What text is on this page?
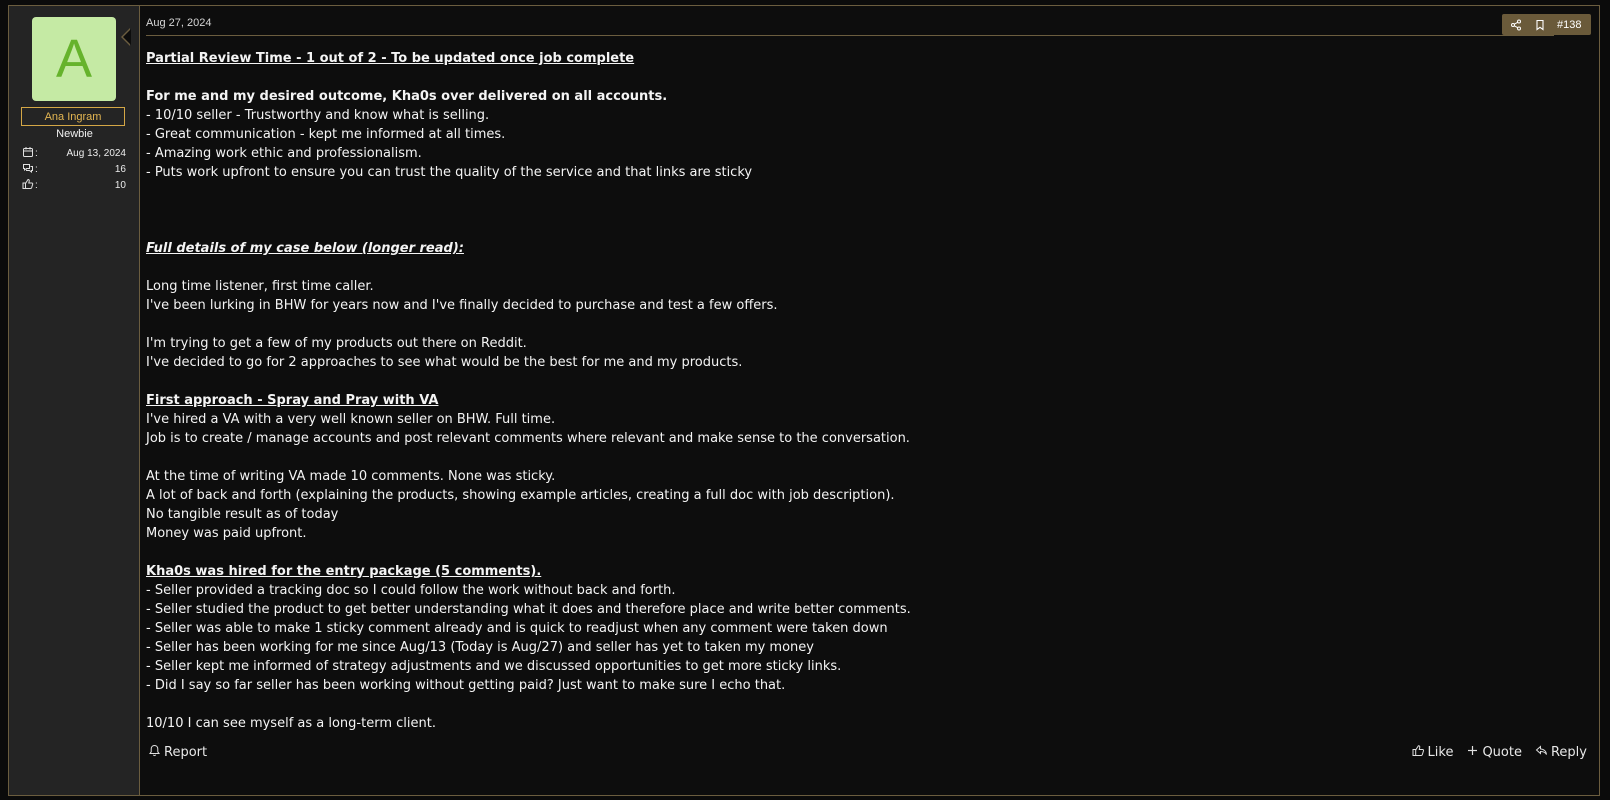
A
Ana Ingram
Newbie
:	Aug 13, 2024
:	16
:	10
Aug 27, 2024	#138
Partial Review Time - 1 out of 2 - To be updated once job complete
For me and my desired outcome, Kha0s over delivered on all accounts.
- 10/10 seller - Trustworthy and know what is selling.
- Great communication - kept me informed at all times.
- Amazing work ethic and professionalism.
- Puts work upfront to ensure you can trust the quality of the service and that links are sticky
Full details of my case below (longer read):
Long time listener, first time caller.
I've been lurking in BHW for years now and I've finally decided to purchase and test a few offers.
I'm trying to get a few of my products out there on Reddit.
I've decided to go for 2 approaches to see what would be the best for me and my products.
First approach - Spray and Pray with VA
I've hired a VA with a very well known seller on BHW. Full time.
Job is to create / manage accounts and post relevant comments where relevant and make sense to the conversation.
At the time of writing VA made 10 comments. None was sticky.
A lot of back and forth (explaining the products, showing example articles, creating a full doc with job description).
No tangible result as of today
Money was paid upfront.
Kha0s was hired for the entry package (5 comments).
- Seller provided a tracking doc so I could follow the work without back and forth.
- Seller studied the product to get better understanding what it does and therefore place and write better comments.
- Seller was able to make 1 sticky comment already and is quick to readjust when any comment were taken down
- Seller has been working for me since Aug/13 (Today is Aug/27) and seller has yet to taken my money
- Seller kept me informed of strategy adjustments and we discussed opportunities to get more sticky links.
- Did I say so far seller has been working without getting paid? Just want to make sure I echo that.
10/10 I can see myself as a long-term client.
Report	Like Quote Reply
